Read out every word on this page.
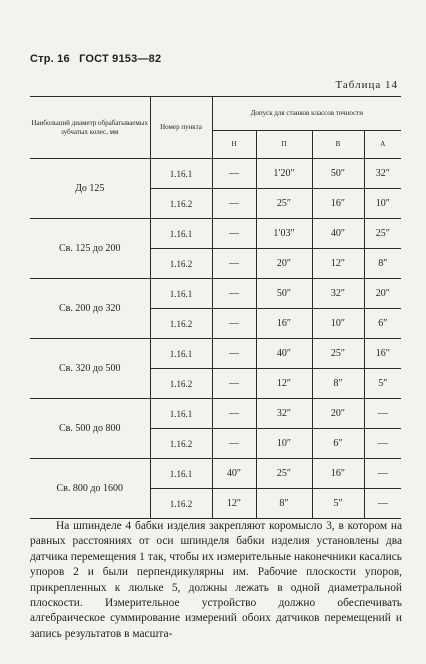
Стр. 16 ГОСТ 9153—82
Таблица 14
Наибольший диаметр обрабатываемых зубчатых колес, мм	Номер пункта	Допуск для станков классов точности			
		Н	П	В	А
До 125	1.16.1	—	1′20″	50″	32″
	1.16.2	—	25″	16″	10″
Св. 125 до 200	1.16.1	—	1′03″	40″	25″
	1.16.2	—	20″	12″	8″
Св. 200 до 320	1.16.1	—	50″	32″	20″
	1.16.2	—	16″	10″	6″
Св. 320 до 500	1.16.1	—	40″	25″	16″
	1.16.2	—	12″	8″	5″
Св. 500 до 800	1.16.1	—	32″	20″	—
	1.16.2	—	10″	6″	—
Св. 800 до 1600	1.16.1	40″	25″	16″	—
	1.16.2	12″	8″	5″	—

На шпинделе 4 бабки изделия закрепляют коромысло 3, в котором на равных расстояниях от оси шпинделя бабки изделия установлены два датчика перемещения 1 так, чтобы их измерительные наконечники касались упоров 2 и были перпендикулярны им. Рабочие плоскости упоров, прикрепленных к люльке 5, должны лежать в одной диаметральной плоскости. Измерительное устройство должно обеспечивать алгебраическое суммирование измерений обоих датчиков перемещений и запись результатов в масшта-
